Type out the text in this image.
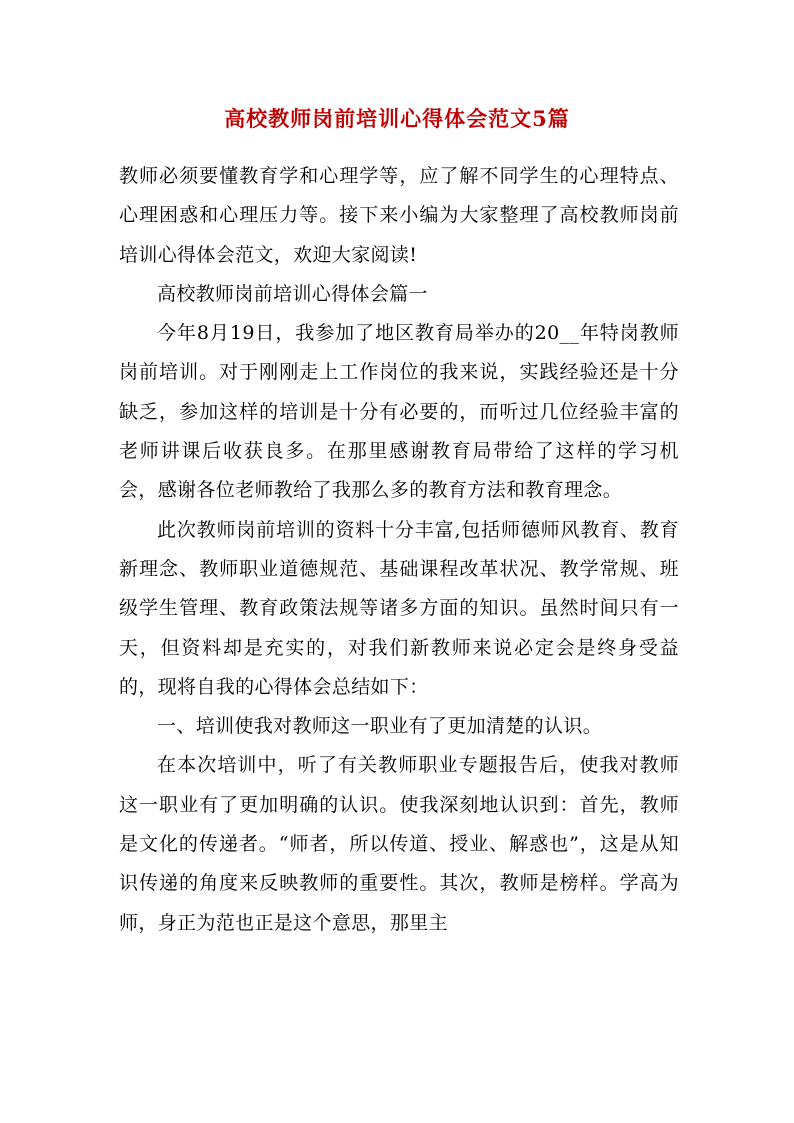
高校教师岗前培训心得体会范文5篇

教师必须要懂教育学和心理学等，应了解不同学生的心理特点、心理困惑和心理压力等。接下来小编为大家整理了高校教师岗前培训心得体会范文，欢迎大家阅读!

高校教师岗前培训心得体会篇一

今年8月19日，我参加了地区教育局举办的20__年特岗教师岗前培训。对于刚刚走上工作岗位的我来说，实践经验还是十分缺乏，参加这样的培训是十分有必要的，而听过几位经验丰富的老师讲课后收获良多。在那里感谢教育局带给了这样的学习机会，感谢各位老师教给了我那么多的教育方法和教育理念。

此次教师岗前培训的资料十分丰富,包括师德师风教育、教育新理念、教师职业道德规范、基础课程改革状况、教学常规、班级学生管理、教育政策法规等诸多方面的知识。虽然时间只有一天，但资料却是充实的，对我们新教师来说必定会是终身受益的，现将自我的心得体会总结如下：

一、培训使我对教师这一职业有了更加清楚的认识。

在本次培训中，听了有关教师职业专题报告后，使我对教师这一职业有了更加明确的认识。使我深刻地认识到：首先，教师是文化的传递者。“师者，所以传道、授业、解惑也”，这是从知识传递的角度来反映教师的重要性。其次，教师是榜样。学高为师，身正为范也正是这个意思，那里主
